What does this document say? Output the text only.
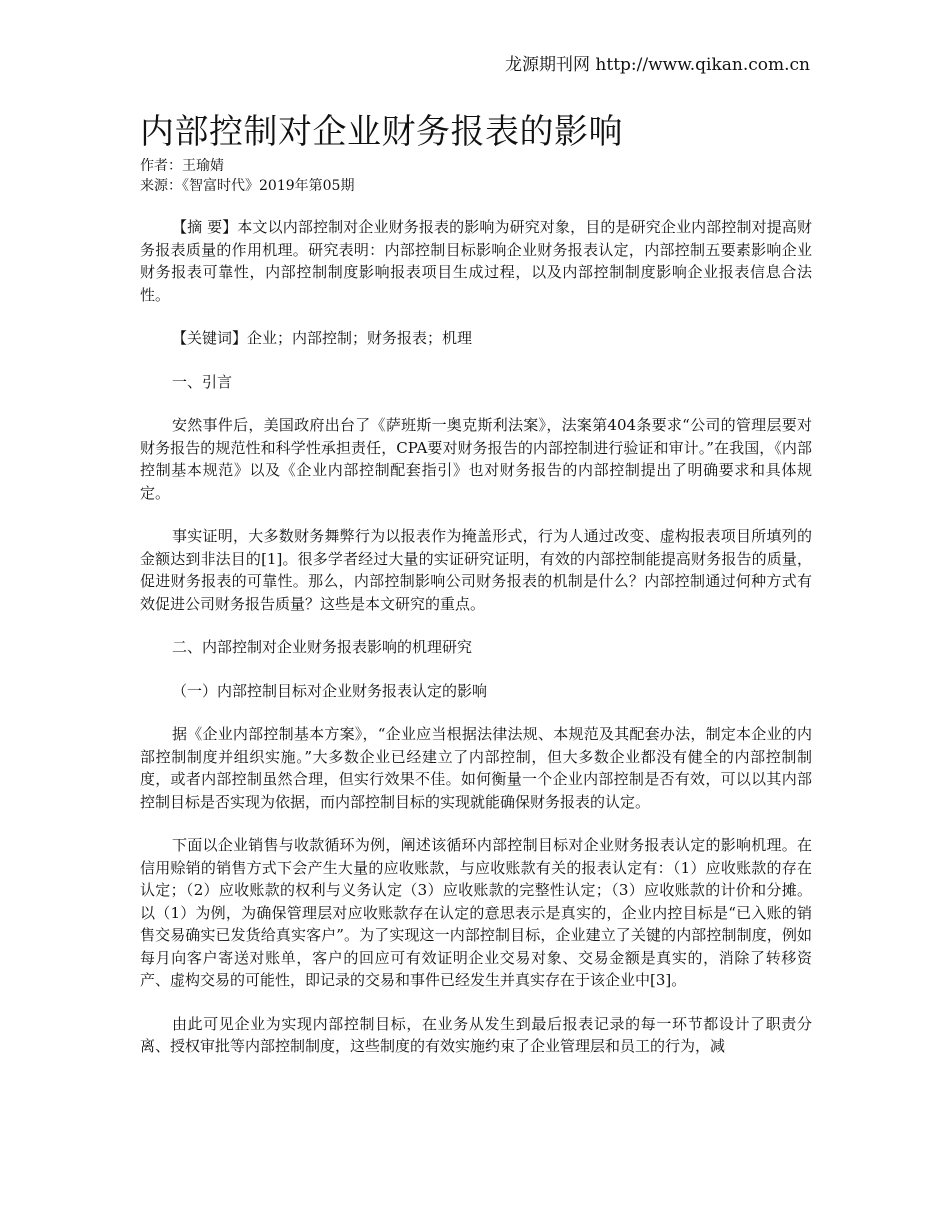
龙源期刊网 http://www.qikan.com.cn
内部控制对企业财务报表的影响
作者：王瑜婧
来源：《智富时代》2019年第05期

【摘 要】本文以内部控制对企业财务报表的影响为研究对象，目的是研究企业内部控制对提高财务报表质量的作用机理。研究表明：内部控制目标影响企业财务报表认定，内部控制五要素影响企业财务报表可靠性，内部控制制度影响报表项目生成过程，以及内部控制制度影响企业报表信息合法性。

【关键词】企业；内部控制；财务报表；机理

一、引言

安然事件后，美国政府出台了《萨班斯一奥克斯利法案》，法案第404条要求“公司的管理层要对财务报告的规范性和科学性承担责任，CPA要对财务报告的内部控制进行验证和审计。”在我国，《内部控制基本规范》以及《企业内部控制配套指引》也对财务报告的内部控制提出了明确要求和具体规定。

事实证明，大多数财务舞弊行为以报表作为掩盖形式，行为人通过改变、虚构报表项目所填列的金额达到非法目的[1]。很多学者经过大量的实证研究证明，有效的内部控制能提高财务报告的质量，促进财务报表的可靠性。那么，内部控制影响公司财务报表的机制是什么？内部控制通过何种方式有效促进公司财务报告质量？这些是本文研究的重点。

二、内部控制对企业财务报表影响的机理研究

（一）内部控制目标对企业财务报表认定的影响

据《企业内部控制基本方案》，“企业应当根据法律法规、本规范及其配套办法，制定本企业的内部控制制度并组织实施。”大多数企业已经建立了内部控制，但大多数企业都没有健全的内部控制制度，或者内部控制虽然合理，但实行效果不佳。如何衡量一个企业内部控制是否有效，可以以其内部控制目标是否实现为依据，而内部控制目标的实现就能确保财务报表的认定。

下面以企业销售与收款循环为例，阐述该循环内部控制目标对企业财务报表认定的影响机理。在信用赊销的销售方式下会产生大量的应收账款，与应收账款有关的报表认定有：（1）应收账款的存在认定；（2）应收账款的权利与义务认定（3）应收账款的完整性认定；（3）应收账款的计价和分摊。以（1）为例，为确保管理层对应收账款存在认定的意思表示是真实的，企业内控目标是“已入账的销售交易确实已发货给真实客户”。为了实现这一内部控制目标，企业建立了关键的内部控制制度，例如每月向客户寄送对账单，客户的回应可有效证明企业交易对象、交易金额是真实的，消除了转移资产、虚构交易的可能性，即记录的交易和事件已经发生并真实存在于该企业中[3]。

由此可见企业为实现内部控制目标，在业务从发生到最后报表记录的每一环节都设计了职责分离、授权审批等内部控制制度，这些制度的有效实施约束了企业管理层和员工的行为，减
